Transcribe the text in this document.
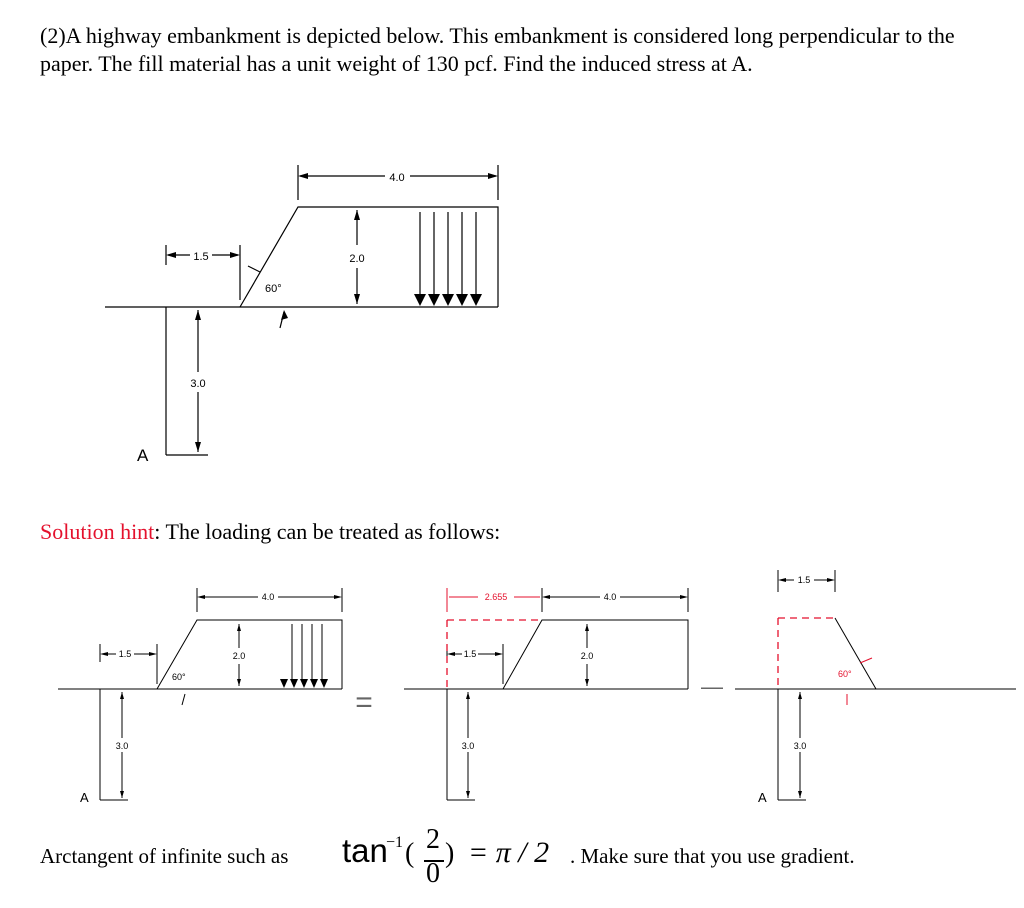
(2)A highway embankment is depicted below. This embankment is considered long perpendicular to the paper. The fill material has a unit weight of 130 pcf. Find the induced stress at A.

4.0
1.5	2.0
3.0
60°
A
4.0
1.5	2.0
3.0
60°
A
=
2.655	4.0
1.5	2.0
3.0
—
1.5
3.0
60°
A

Solution hint: The loading can be treated as follows:

Arctangent of infinite such as tan
−1 ( 2
0
) = π / 2 . Make sure that you use gradient.
